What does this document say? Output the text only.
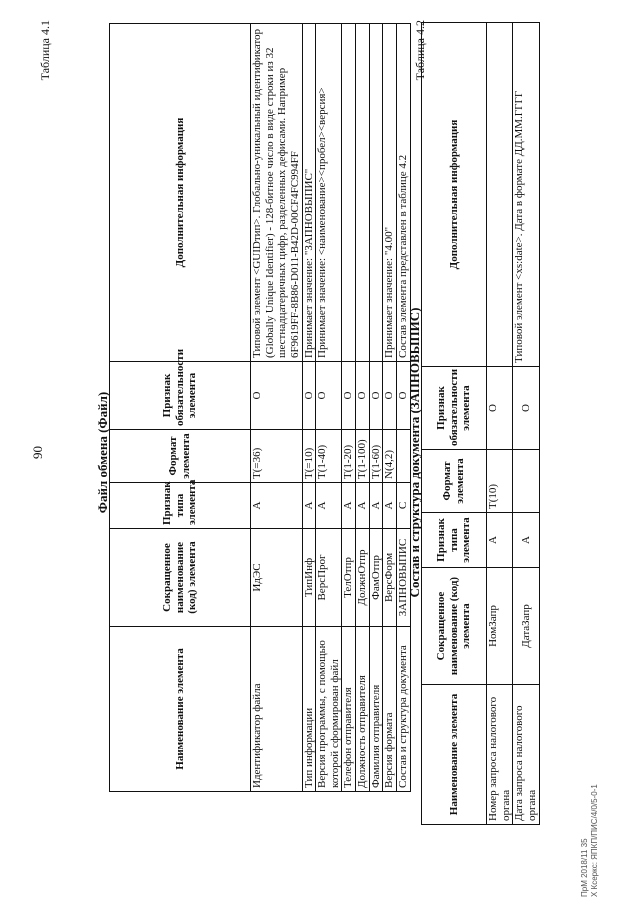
90
Таблица 4.1
Файл обмена (Файл)
Наименование элемента	Сокращенное наименование (код) элемента	Признак типа элемента	Формат элемента	Признак обязательности элемента	Дополнительная информация
Идентификатор файла	ИдЭС	А	T(=36)	О	Типовой элемент <GUIDтип>. Глобально-уникальный идентификатор (Globally Unique Identifier) - 128-битное число в виде строки из 32 шестнадцатеричных цифр, разделенных дефисами. Например 6F9619FF-8B86-D011-B42D-00CF4FC994FF
Тип информации	ТипИнф	А	T(=10)	О	Принимает значение: "ЗАПНОВЫПИС"
Версия программы, с помощью которой сформирован файл	ВерсПрог	А	T(1-40)	О	Принимает значение: <наименование><пробел><версия>
Телефон отправителя	ТелОтпр	А	T(1-20)	О	
Должность отправителя	ДолжнОтпр	А	T(1-100)	О	
Фамилия отправителя	ФамОтпр	А	T(1-60)	О	
Версия формата	ВерсФорм	А	N(4,2)	О	Принимает значение: "4.00"
Состав и структура документа	ЗАПНОВЫПИС	С		О	Состав элемента представлен в таблице 4.2
Таблица 4.2
Состав и структура документа (ЗАПНОВЫПИС)
Наименование элемента	Сокращенное наименование (код) элемента	Признак типа элемента	Формат элемента	Признак обязательности элемента	Дополнительная информация
Номер запроса налогового органа	НомЗапр	А	T(10)	О	
Дата запроса налогового органа	ДатаЗапр	А		О	Типовой элемент <xs:date>. Дата в формате ДД.ММ.ГГГГ
ПрМ 2018/11 35 Х Ксеркс: ЯПКП/ПИС/4/0/5-0-1
